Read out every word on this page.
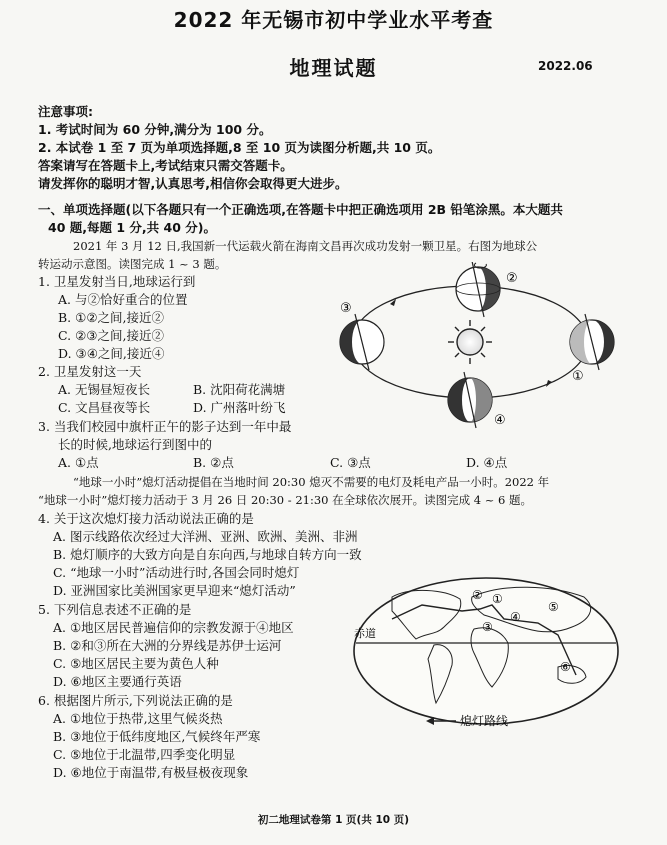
2022 年无锡市初中学业水平考查
地理试题	2022.06
注意事项:
1. 考试时间为 60 分钟,满分为 100 分。
2. 本试卷 1 至 7 页为单项选择题,8 至 10 页为读图分析题,共 10 页。
答案请写在答题卡上,考试结束只需交答题卡。
请发挥你的聪明才智,认真思考,相信你会取得更大进步。
一、单项选择题(以下各题只有一个正确选项,在答题卡中把正确选项用 2B 铅笔涂黑。本大题共
40 题,每题 1 分,共 40 分)。
2021 年 3 月 12 日,我国新一代运载火箭在海南文昌再次成功发射一颗卫星。右图为地球公
转运动示意图。读图完成 1 ~ 3 题。
1. 卫星发射当日,地球运行到
A. 与②恰好重合的位置
B. ①②之间,接近②
C. ②③之间,接近②
D. ③④之间,接近④
2. 卫星发射这一天
A. 无锡昼短夜长	B. 沈阳荷花满塘
C. 文昌昼夜等长	D. 广州落叶纷飞
3. 当我们校园中旗杆正午的影子达到一年中最
长的时候,地球运行到图中的
A. ①点	B. ②点	C. ③点	D. ④点
“地球一小时”熄灯活动提倡在当地时间 20:30 熄灭不需要的电灯及耗电产品一小时。2022 年
“地球一小时”熄灯接力活动于 3 月 26 日 20:30 - 21:30 在全球依次展开。读图完成 4 ~ 6 题。
4. 关于这次熄灯接力活动说法正确的是
A. 图示线路依次经过大洋洲、亚洲、欧洲、美洲、非洲
B. 熄灯顺序的大致方向是自东向西,与地球自转方向一致
C. “地球一小时”活动进行时,各国会同时熄灯
D. 亚洲国家比美洲国家更早迎来“熄灯活动”
5. 下列信息表述不正确的是
A. ①地区居民普遍信仰的宗教发源于④地区
B. ②和③所在大洲的分界线是苏伊士运河
C. ⑤地区居民主要为黄色人种
D. ⑥地区主要通行英语
6. 根据图片所示,下列说法正确的是
A. ①地位于热带,这里气候炎热
B. ③地位于低纬度地区,气候终年严寒
C. ⑤地位于北温带,四季变化明显
D. ⑥地位于南温带,有极昼极夜现象
②
①
③
④
赤道
①
②
③
④
⑤
⑥
熄灯路线
初二地理试卷第 1 页(共 10 页)
